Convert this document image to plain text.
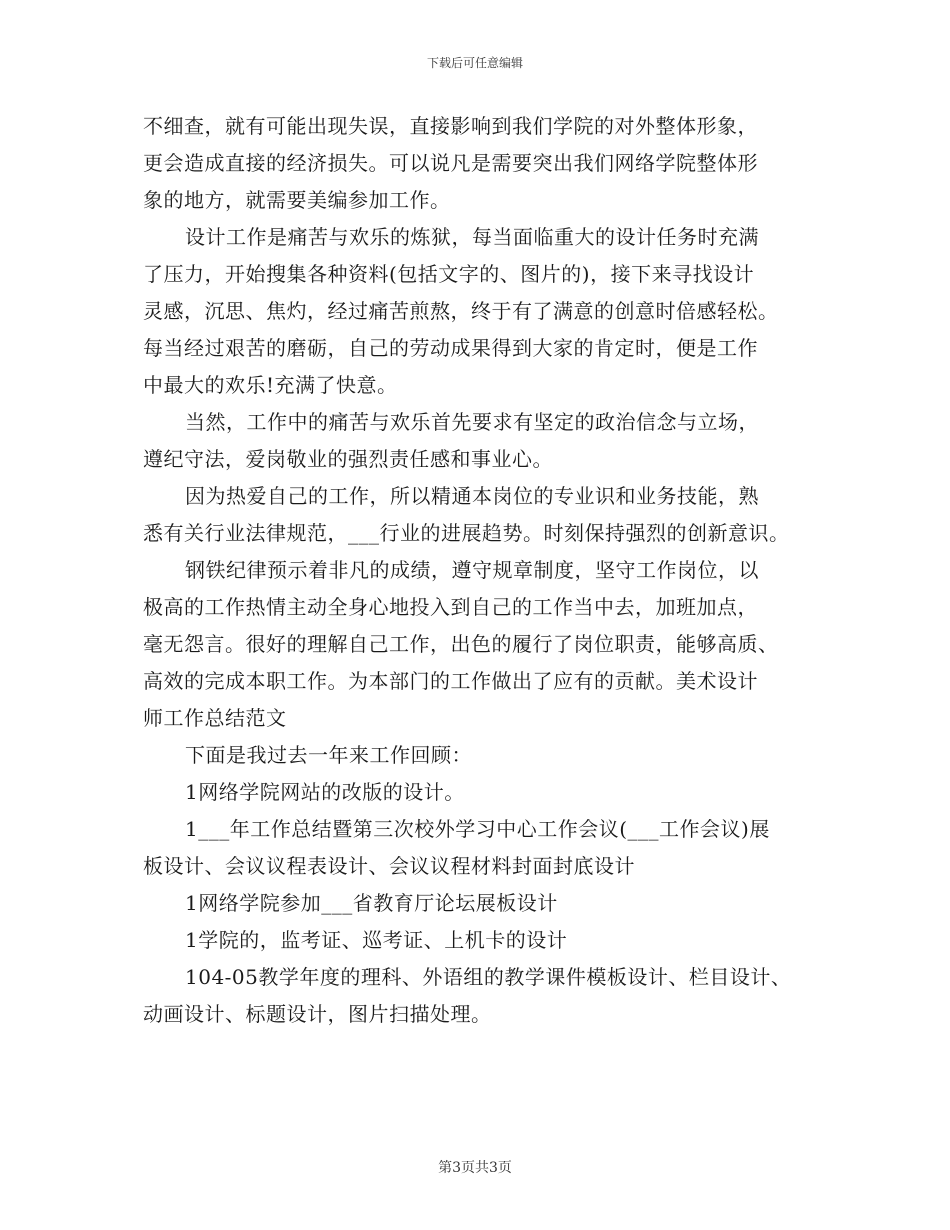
下载后可任意编辑
不细查，就有可能出现失误，直接影响到我们学院的对外整体形象，
更会造成直接的经济损失。可以说凡是需要突出我们网络学院整体形
象的地方，就需要美编参加工作。
设计工作是痛苦与欢乐的炼狱，每当面临重大的设计任务时充满
了压力，开始搜集各种资料(包括文字的、图片的)，接下来寻找设计
灵感，沉思、焦灼，经过痛苦煎熬，终于有了满意的创意时倍感轻松。
每当经过艰苦的磨砺，自己的劳动成果得到大家的肯定时，便是工作
中最大的欢乐!充满了快意。
当然，工作中的痛苦与欢乐首先要求有坚定的政治信念与立场，
遵纪守法，爱岗敬业的强烈责任感和事业心。
因为热爱自己的工作，所以精通本岗位的专业识和业务技能，熟
悉有关行业法律规范，___行业的进展趋势。时刻保持强烈的创新意识。
钢铁纪律预示着非凡的成绩，遵守规章制度，坚守工作岗位，以
极高的工作热情主动全身心地投入到自己的工作当中去，加班加点，
毫无怨言。很好的理解自己工作，出色的履行了岗位职责，能够高质、
高效的完成本职工作。为本部门的工作做出了应有的贡献。美术设计
师工作总结范文
下面是我过去一年来工作回顾：
1网络学院网站的改版的设计。
1___年工作总结暨第三次校外学习中心工作会议(___工作会议)展
板设计、会议议程表设计、会议议程材料封面封底设计
1网络学院参加___省教育厅论坛展板设计
1学院的，监考证、巡考证、上机卡的设计
104-05教学年度的理科、外语组的教学课件模板设计、栏目设计、
动画设计、标题设计，图片扫描处理。
第3页共3页
